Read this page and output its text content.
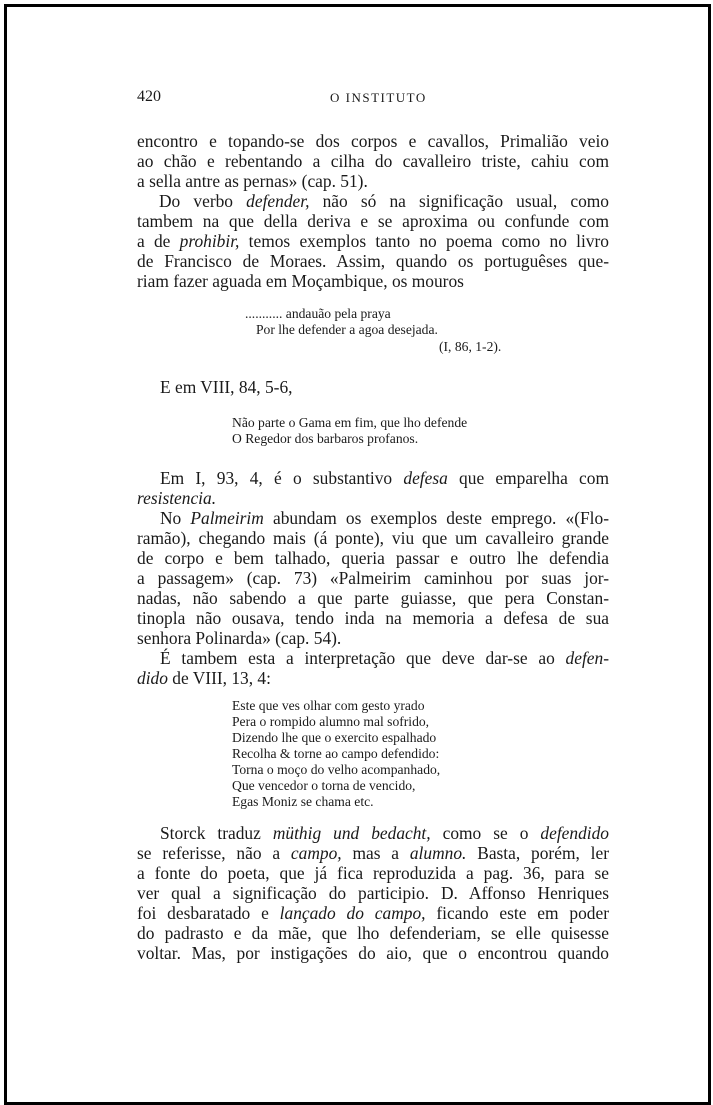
420	O INSTITUTO
encontro e topando-se dos corpos e cavallos, Primalião veio
ao chão e rebentando a cilha do cavalleiro triste, cahiu com
a sella antre as pernas» (cap. 51).
Do verbo defender, não só na significação usual, como
tambem na que della deriva e se aproxima ou confunde com
a de prohibir, temos exemplos tanto no poema como no livro
de Francisco de Moraes. Assim, quando os portuguêses que-
riam fazer aguada em Moçambique, os mouros
........... andauão pela praya
Por lhe defender a agoa desejada.
(I, 86, 1-2).
E em VIII, 84, 5-6,
Não parte o Gama em fim, que lho defende
O Regedor dos barbaros profanos.
Em I, 93, 4, é o substantivo defesa que emparelha com
resistencia.
No Palmeirim abundam os exemplos deste emprego. «(Flo-
ramão), chegando mais (á ponte), viu que um cavalleiro grande
de corpo e bem talhado, queria passar e outro lhe defendia
a passagem» (cap. 73) «Palmeirim caminhou por suas jor-
nadas, não sabendo a que parte guiasse, que pera Constan-
tinopla não ousava, tendo inda na memoria a defesa de sua
senhora Polinarda» (cap. 54).
É tambem esta a interpretação que deve dar-se ao defen-
dido de VIII, 13, 4:
Este que ves olhar com gesto yrado
Pera o rompido alumno mal sofrido,
Dizendo lhe que o exercito espalhado
Recolha & torne ao campo defendido:
Torna o moço do velho acompanhado,
Que vencedor o torna de vencido,
Egas Moniz se chama etc.
Storck traduz müthig und bedacht, como se o defendido
se referisse, não a campo, mas a alumno. Basta, porém, ler
a fonte do poeta, que já fica reproduzida a pag. 36, para se
ver qual a significação do participio. D. Affonso Henriques
foi desbaratado e lançado do campo, ficando este em poder
do padrasto e da mãe, que lho defenderiam, se elle quisesse
voltar. Mas, por instigações do aio, que o encontrou quando
